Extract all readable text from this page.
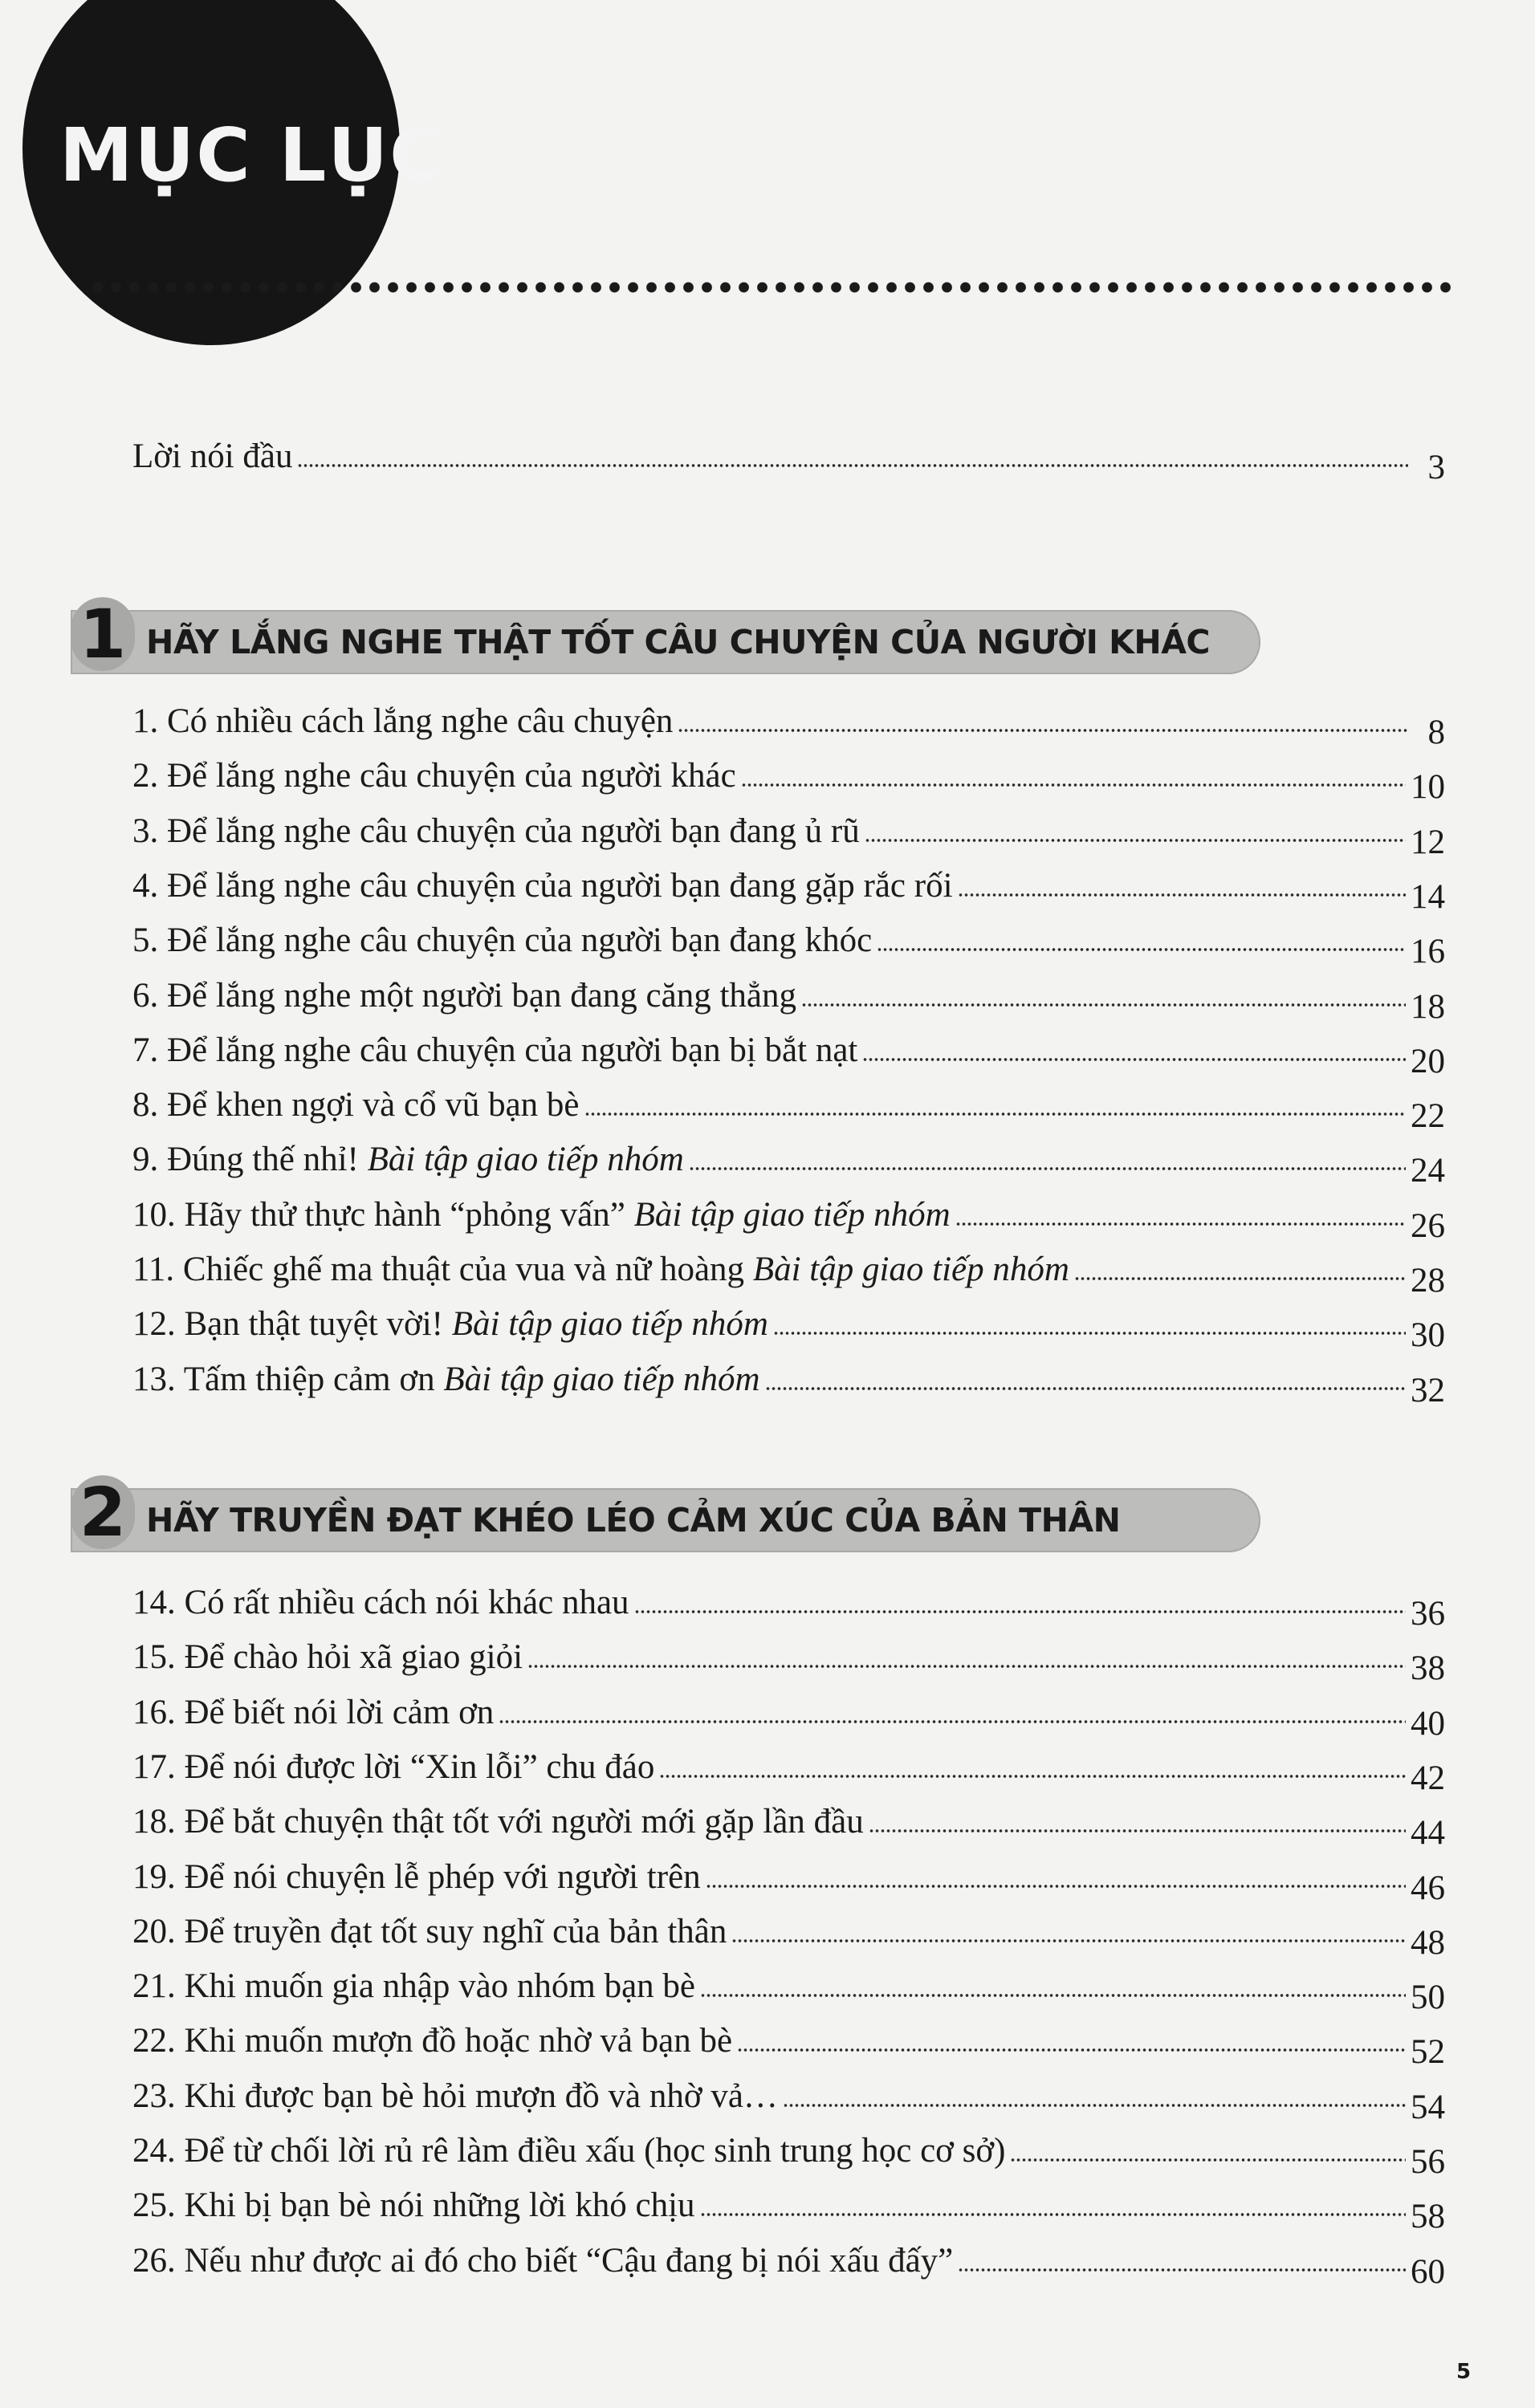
MỤC LỤC
Lời nói đầu	3
1 HÃY LẮNG NGHE THẬT TỐT CÂU CHUYỆN CỦA NGƯỜI KHÁC
1. Có nhiều cách lắng nghe câu chuyện	8
2. Để lắng nghe câu chuyện của người khác	10
3. Để lắng nghe câu chuyện của người bạn đang ủ rũ	12
4. Để lắng nghe câu chuyện của người bạn đang gặp rắc rối	14
5. Để lắng nghe câu chuyện của người bạn đang khóc	16
6. Để lắng nghe một người bạn đang căng thẳng	18
7. Để lắng nghe câu chuyện của người bạn bị bắt nạt	20
8. Để khen ngợi và cổ vũ bạn bè	22
9. Đúng thế nhỉ! Bài tập giao tiếp nhóm	24
10. Hãy thử thực hành “phỏng vấn” Bài tập giao tiếp nhóm	26
11. Chiếc ghế ma thuật của vua và nữ hoàng Bài tập giao tiếp nhóm	28
12. Bạn thật tuyệt vời! Bài tập giao tiếp nhóm	30
13. Tấm thiệp cảm ơn Bài tập giao tiếp nhóm	32
2 HÃY TRUYỀN ĐẠT KHÉO LÉO CẢM XÚC CỦA BẢN THÂN
14. Có rất nhiều cách nói khác nhau	36
15. Để chào hỏi xã giao giỏi	38
16. Để biết nói lời cảm ơn	40
17. Để nói được lời “Xin lỗi” chu đáo	42
18. Để bắt chuyện thật tốt với người mới gặp lần đầu	44
19. Để nói chuyện lễ phép với người trên	46
20. Để truyền đạt tốt suy nghĩ của bản thân	48
21. Khi muốn gia nhập vào nhóm bạn bè	50
22. Khi muốn mượn đồ hoặc nhờ vả bạn bè	52
23. Khi được bạn bè hỏi mượn đồ và nhờ vả…	54
24. Để từ chối lời rủ rê làm điều xấu (học sinh trung học cơ sở)	56
25. Khi bị bạn bè nói những lời khó chịu	58
26. Nếu như được ai đó cho biết “Cậu đang bị nói xấu đấy”	60
5
